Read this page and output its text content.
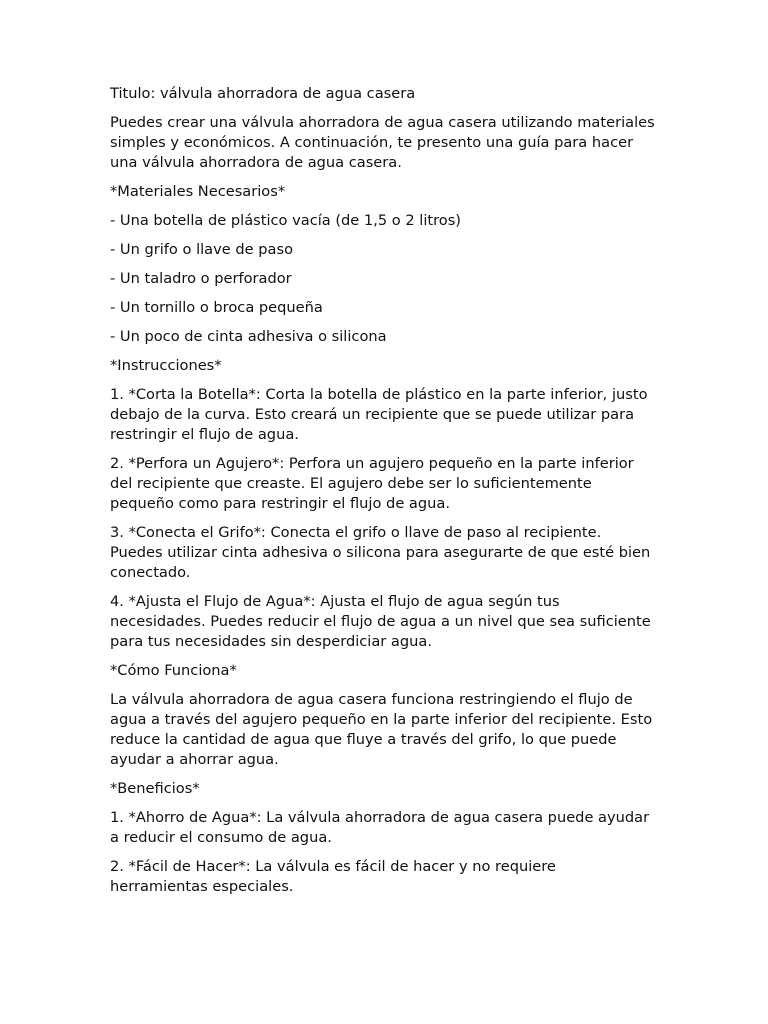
Titulo: válvula ahorradora de agua casera

Puedes crear una válvula ahorradora de agua casera utilizando materiales simples y económicos. A continuación, te presento una guía para hacer una válvula ahorradora de agua casera.

*Materiales Necesarios*

- Una botella de plástico vacía (de 1,5 o 2 litros)

- Un grifo o llave de paso

- Un taladro o perforador

- Un tornillo o broca pequeña

- Un poco de cinta adhesiva o silicona

*Instrucciones*

1. *Corta la Botella*: Corta la botella de plástico en la parte inferior, justo debajo de la curva. Esto creará un recipiente que se puede utilizar para restringir el flujo de agua.

2. *Perfora un Agujero*: Perfora un agujero pequeño en la parte inferior del recipiente que creaste. El agujero debe ser lo suficientemente pequeño como para restringir el flujo de agua.

3. *Conecta el Grifo*: Conecta el grifo o llave de paso al recipiente. Puedes utilizar cinta adhesiva o silicona para asegurarte de que esté bien conectado.

4. *Ajusta el Flujo de Agua*: Ajusta el flujo de agua según tus necesidades. Puedes reducir el flujo de agua a un nivel que sea suficiente para tus necesidades sin desperdiciar agua.

*Cómo Funciona*

La válvula ahorradora de agua casera funciona restringiendo el flujo de agua a través del agujero pequeño en la parte inferior del recipiente. Esto reduce la cantidad de agua que fluye a través del grifo, lo que puede ayudar a ahorrar agua.

*Beneficios*

1. *Ahorro de Agua*: La válvula ahorradora de agua casera puede ayudar a reducir el consumo de agua.

2. *Fácil de Hacer*: La válvula es fácil de hacer y no requiere herramientas especiales.
